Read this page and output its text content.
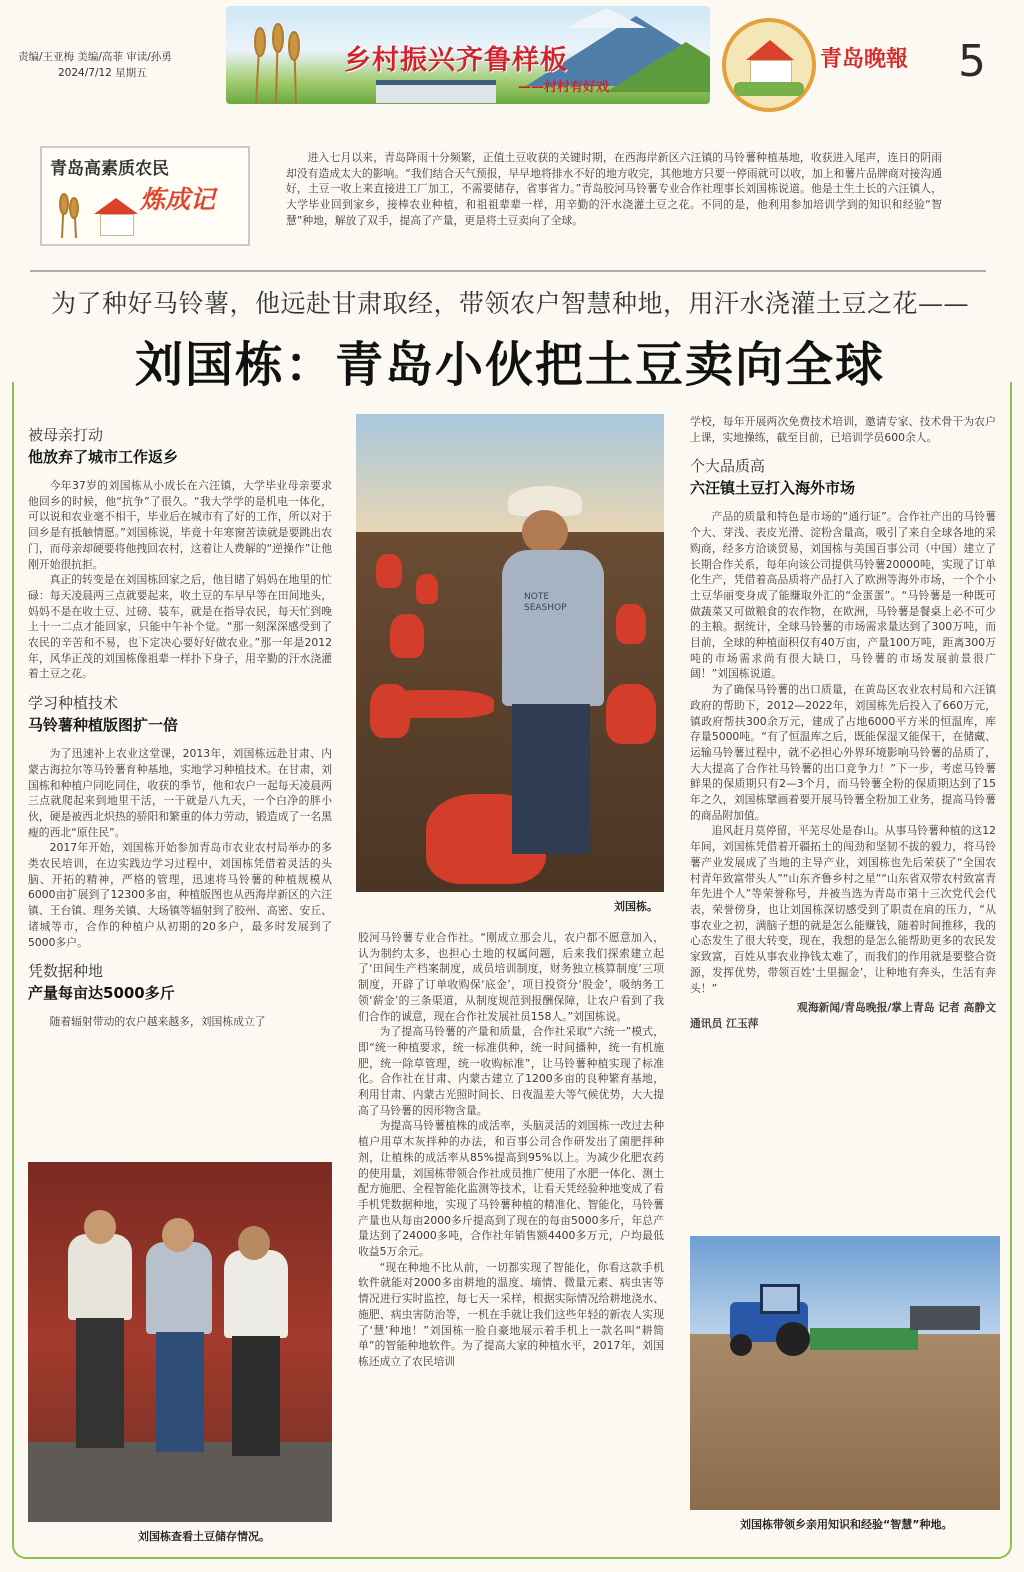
责编/王亚梅 美编/高菲 审读/孙勇
2024/7/12 星期五	乡村振兴齐鲁样板
——村村有好戏
青岛晚報 5
青岛高素质农民
炼成记

进入七月以来，青岛降雨十分频繁，正值土豆收获的关键时期，在西海岸新区六汪镇的马铃薯种植基地，收获进入尾声，连日的阴雨却没有造成太大的影响。“我们结合天气预报，早早地将排水不好的地方收完，其他地方只要一停雨就可以收，加上和薯片品牌商对接沟通好，土豆一收上来直接进工厂加工，不需要储存，省事省力。”青岛胶河马铃薯专业合作社理事长刘国栋说道。他是土生土长的六汪镇人，大学毕业回到家乡，接棒农业种植，和祖祖辈辈一样，用辛勤的汗水浇灌土豆之花。不同的是，他利用参加培训学到的知识和经验“智慧”种地，解放了双手，提高了产量，更是将土豆卖向了全球。

为了种好马铃薯，他远赴甘肃取经，带领农户智慧种地，用汗水浇灌土豆之花——
刘国栋：青岛小伙把土豆卖向全球
被母亲打动
他放弃了城市工作返乡

今年37岁的刘国栋从小成长在六汪镇，大学毕业母亲要求他回乡的时候，他“抗争”了很久。“我大学学的是机电一体化，可以说和农业毫不相干，毕业后在城市有了好的工作，所以对于回乡是有抵触情愿。”刘国栋说，毕竟十年寒窗苦读就是要跳出农门，而母亲却硬要将他拽回农村，这着让人费解的“逆操作”让他刚开始很抗拒。

真正的转变是在刘国栋回家之后，他目睹了妈妈在地里的忙碌：每天凌晨两三点就要起来，收土豆的车早早等在田间地头，妈妈不是在收土豆、过磅、装车，就是在指导农民，每天忙到晚上十一二点才能回家，只能中午补个觉。“那一刻深深感受到了农民的辛苦和不易，也下定决心要好好做农业。”那一年是2012年，风华正茂的刘国栋像祖辈一样扑下身子，用辛勤的汗水浇灌着土豆之花。

学习种植技术
马铃薯种植版图扩一倍

为了迅速补上农业这堂课，2013年，刘国栋远赴甘肃、内蒙古海拉尔等马铃薯育种基地，实地学习种植技术。在甘肃，刘国栋和种植户同吃同住，收获的季节，他和农户一起每天凌晨两三点就爬起来到地里干活，一干就是八九天，一个白净的胖小伙，硬是被西北炽热的骄阳和繁重的体力劳动，锻造成了一名黑瘦的西北“原住民”。

2017年开始，刘国栋开始参加青岛市农业农村局举办的多类农民培训，在边实践边学习过程中，刘国栋凭借着灵活的头脑、开拓的精神，严格的管理，迅速将马铃薯的种植规模从6000亩扩展到了12300多亩，种植版图也从西海岸新区的六汪镇、王台镇、理务关镇、大场镇等辐射到了胶州、高密、安丘、诸城等市，合作的种植户从初期的20多户，最多时发展到了5000多户。

凭数据种地
产量每亩达5000多斤

随着辐射带动的农户越来越多，刘国栋成立了

刘国栋查看土豆储存情况。
NOTE SEASHOP
刘国栋。

胶河马铃薯专业合作社。“刚成立那会儿，农户都不愿意加入，认为制约太多，也担心土地的权属问题，后来我们探索建立起了‘田间生产档案制度，成员培训制度，财务独立核算制度’三项制度，开辟了订单收购保‘底金’，项目投资分‘股金’，吸纳务工领‘薪金’的三条渠道，从制度规范到报酬保障，让农户看到了我们合作的诚意，现在合作社发展社员158人。”刘国栋说。

为了提高马铃薯的产量和质量，合作社采取“六统一”模式，即“统一种植要求，统一标准供种，统一时间播种，统一有机施肥，统一除草管理，统一收购标准”，让马铃薯种植实现了标准化。合作社在甘肃、内蒙古建立了1200多亩的良种繁育基地，利用甘肃、内蒙古光照时间长、日夜温差大等气候优势，大大提高了马铃薯的因形物含量。

为提高马铃薯植株的成活率，头脑灵活的刘国栋一改过去种植户用草木灰拌种的办法，和百事公司合作研发出了菌肥拌种剂，让植株的成活率从85%提高到95%以上。为减少化肥农药的使用量，刘国栋带领合作社成员推广使用了水肥一体化、测土配方施肥、全程智能化监测等技术，让看天凭经验种地变成了看手机凭数据种地，实现了马铃薯种植的精准化、智能化，马铃薯产量也从每亩2000多斤提高到了现在的每亩5000多斤，年总产量达到了24000多吨，合作社年销售额4400多万元，户均最低收益5万余元。

“现在种地不比从前，一切都实现了智能化，你看这款手机软件就能对2000多亩耕地的温度、墒情、微量元素、病虫害等情况进行实时监控，每七天一采样，根据实际情况给耕地浇水、施肥、病虫害防治等，一机在手就让我们这些年轻的新农人实现了‘慧’种地！”刘国栋一脸自豪地展示着手机上一款名叫“耕简单”的智能种地软件。为了提高大家的种植水平，2017年，刘国栋还成立了农民培训

学校，每年开展两次免费技术培训，邀请专家、技术骨干为农户上课，实地操练，截至目前，已培训学员600余人。

个大品质高
六汪镇土豆打入海外市场

产品的质量和特色是市场的“通行证”。合作社产出的马铃薯个大、芽浅、表皮光滑、淀粉含量高，吸引了来自全球各地的采购商，经多方洽谈贸易，刘国栋与美国百事公司（中国）建立了长期合作关系，每年向该公司提供马铃薯20000吨，实现了订单化生产，凭借着高品质将产品打入了欧洲等海外市场，一个个小土豆华丽变身成了能赚取外汇的“金蛋蛋”。“马铃薯是一种既可做蔬菜又可做粮食的农作物，在欧洲，马铃薯是餐桌上必不可少的主粮。据统计，全球马铃薯的市场需求量达到了300万吨，而目前，全球的种植面积仅有40万亩，产量100万吨，距离300万吨的市场需求尚有很大缺口，马铃薯的市场发展前景很广阔！”刘国栋说道。

为了确保马铃薯的出口质量，在黄岛区农业农村局和六汪镇政府的帮助下，2012—2022年，刘国栋先后投入了660万元，镇政府帮扶300余万元，建成了占地6000平方米的恒温库，库存量5000吨。“有了恒温库之后，既能保湿又能保干，在储藏、运输马铃薯过程中，就不必担心外界环境影响马铃薯的品质了，大大提高了合作社马铃薯的出口竞争力！”下一步，考虑马铃薯鲜果的保质期只有2—3个月，而马铃薯全粉的保质期达到了15年之久，刘国栋擘画着要开展马铃薯全粉加工业务，提高马铃薯的商品附加值。

追风赶月莫停留，平芜尽处是春山。从事马铃薯种植的这12年间，刘国栋凭借着开疆拓土的闯劲和坚韧不拔的毅力，将马铃薯产业发展成了当地的主导产业，刘国栋也先后荣获了“全国农村青年致富带头人”“山东齐鲁乡村之星”“山东省双带农村致富青年先进个人”等荣誉称号，并被当选为青岛市第十三次党代会代表，荣誉傍身，也让刘国栋深切感受到了职责在肩的压力，“从事农业之初，满脑子想的就是怎么能赚钱，随着时间推移，我的心态发生了很大转变，现在，我想的是怎么能帮助更多的农民发家致富，百姓从事农业挣钱太难了，而我们的作用就是要整合资源，发挥优势，带领百姓‘土里掘金’，让种地有奔头，生活有奔头！”

观海新闻/青岛晚报/掌上青岛 记者 高静文
通讯员 江玉萍
刘国栋带领乡亲用知识和经验“智慧”种地。
